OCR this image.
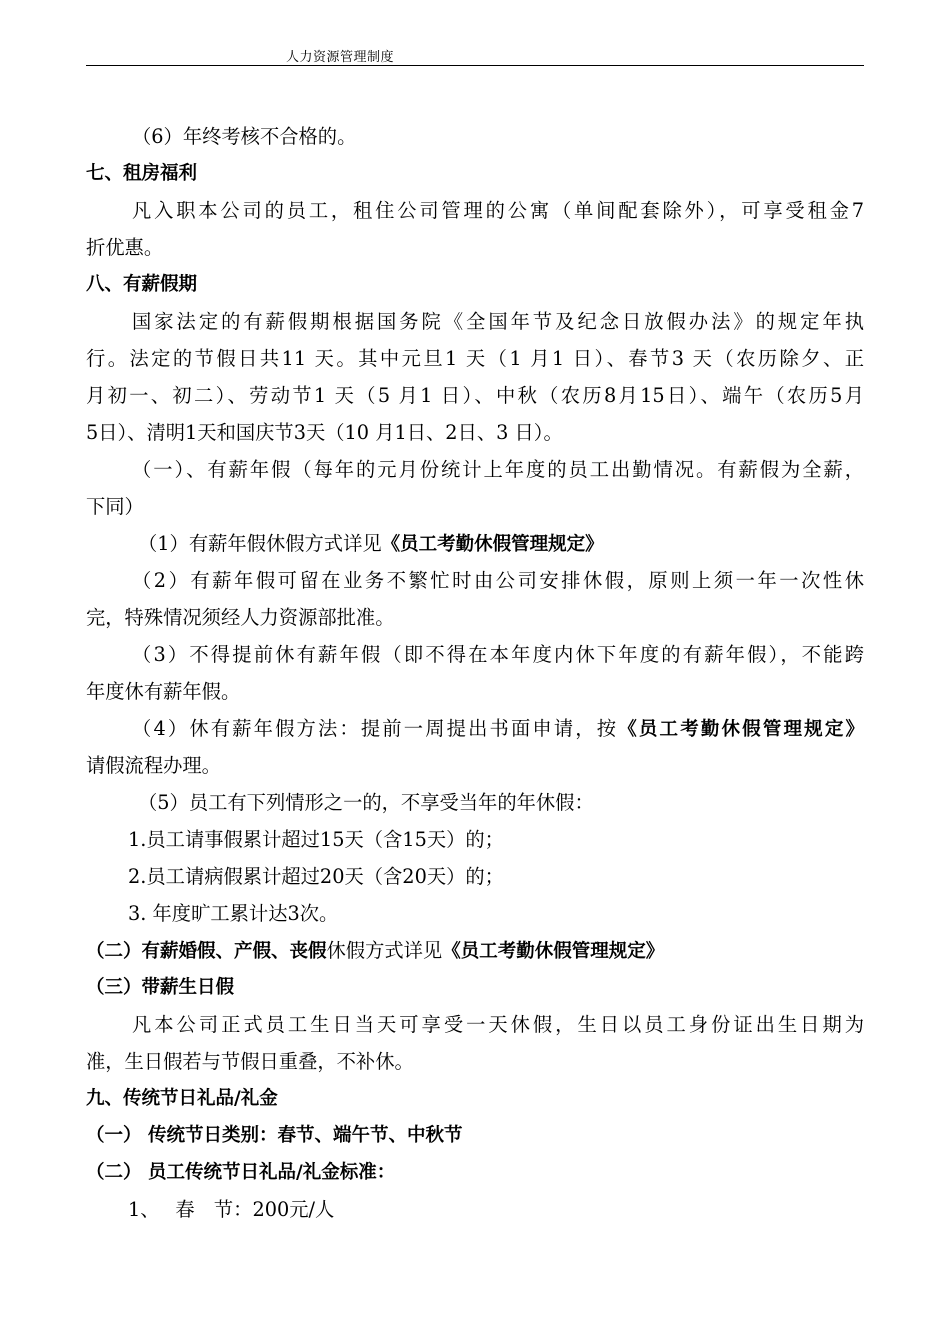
人力资源管理制度
（6）年终考核不合格的。
七、租房福利
凡入职本公司的员工，租住公司管理的公寓（单间配套除外），可享受租金7
折优惠。
八、有薪假期
国家法定的有薪假期根据国务院《全国年节及纪念日放假办法》的规定年执
行。法定的节假日共11 天。其中元旦1 天（1 月1 日）、春节3 天（农历除夕、正
月初一、初二）、劳动节1 天（5 月1 日）、中秋（农历8月15日）、端午（农历5月
5日）、清明1天和国庆节3天（10 月1日、2日、3 日）。
（一）、有薪年假（每年的元月份统计上年度的员工出勤情况。有薪假为全薪，
下同）
（1）有薪年假休假方式详见《员工考勤休假管理规定》
（2）有薪年假可留在业务不繁忙时由公司安排休假，原则上须一年一次性休
完，特殊情况须经人力资源部批准。
（3）不得提前休有薪年假（即不得在本年度内休下年度的有薪年假），不能跨
年度休有薪年假。
（4）休有薪年假方法：提前一周提出书面申请，按《员工考勤休假管理规定》
请假流程办理。
（5）员工有下列情形之一的，不享受当年的年休假：
1.员工请事假累计超过15天（含15天）的；
2.员工请病假累计超过20天（含20天）的；
3. 年度旷工累计达3次。
（二）有薪婚假、产假、丧假休假方式详见《员工考勤休假管理规定》
（三）带薪生日假
凡本公司正式员工生日当天可享受一天休假，生日以员工身份证出生日期为
准，生日假若与节假日重叠，不补休。
九、传统节日礼品/礼金
（一） 传统节日类别：春节、端午节、中秋节
（二） 员工传统节日礼品/礼金标准：
1、　 春　节：200元/人
